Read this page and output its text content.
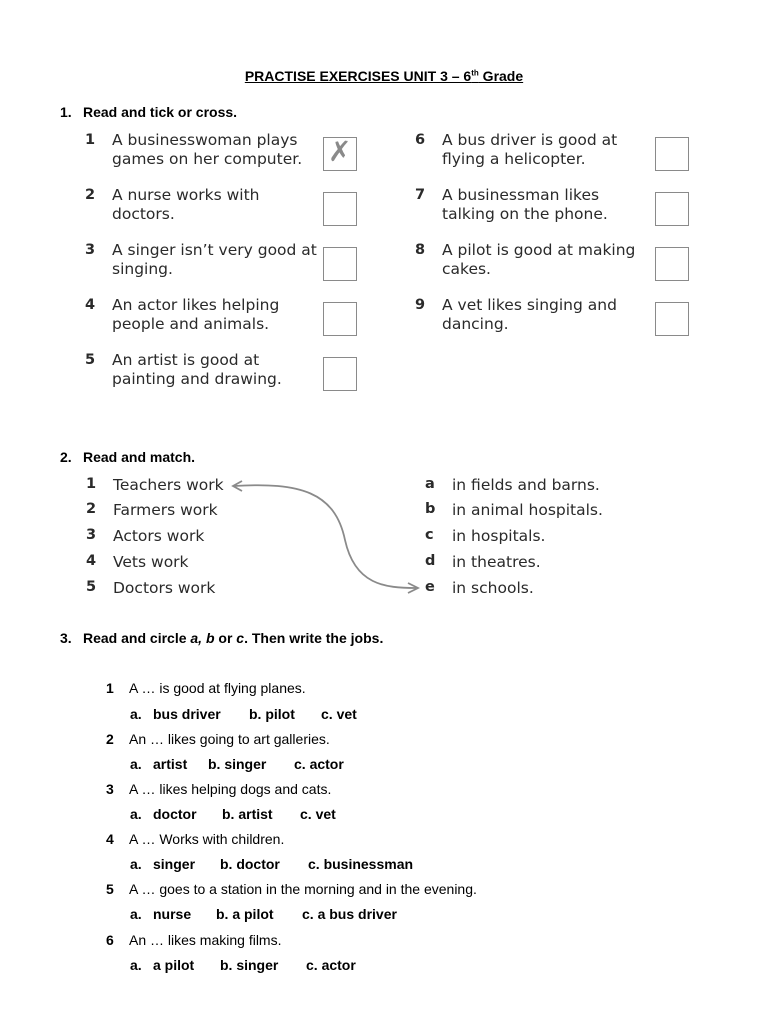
PRACTISE EXERCISES UNIT 3 – 6th Grade
1. Read and tick or cross.
1 A businesswoman plays games on her computer. ✗
2 A nurse works with doctors.
3 A singer isn’t very good at singing.
4 An actor likes helping people and animals.
5 An artist is good at painting and drawing.
6 A bus driver is good at flying a helicopter.
7 A businessman likes talking on the phone.
8 A pilot is good at making cakes.
9 A vet likes singing and dancing.
2. Read and match.
1 Teachers work
2 Farmers work
3 Actors work
4 Vets work
5 Doctors work
a in fields and barns.
b in animal hospitals.
c in hospitals.
d in theatres.
e in schools.
3. Read and circle a, b or c. Then write the jobs.
1 A … is good at flying planes.
a. bus driver b. pilot c. vet
2 An … likes going to art galleries.
a. artist b. singer c. actor
3 A … likes helping dogs and cats.
a. doctor b. artist c. vet
4 A … Works with children.
a. singer b. doctor c. businessman
5 A … goes to a station in the morning and in the evening.
a. nurse b. a pilot c. a bus driver
6 An … likes making films.
a. a pilot b. singer c. actor
